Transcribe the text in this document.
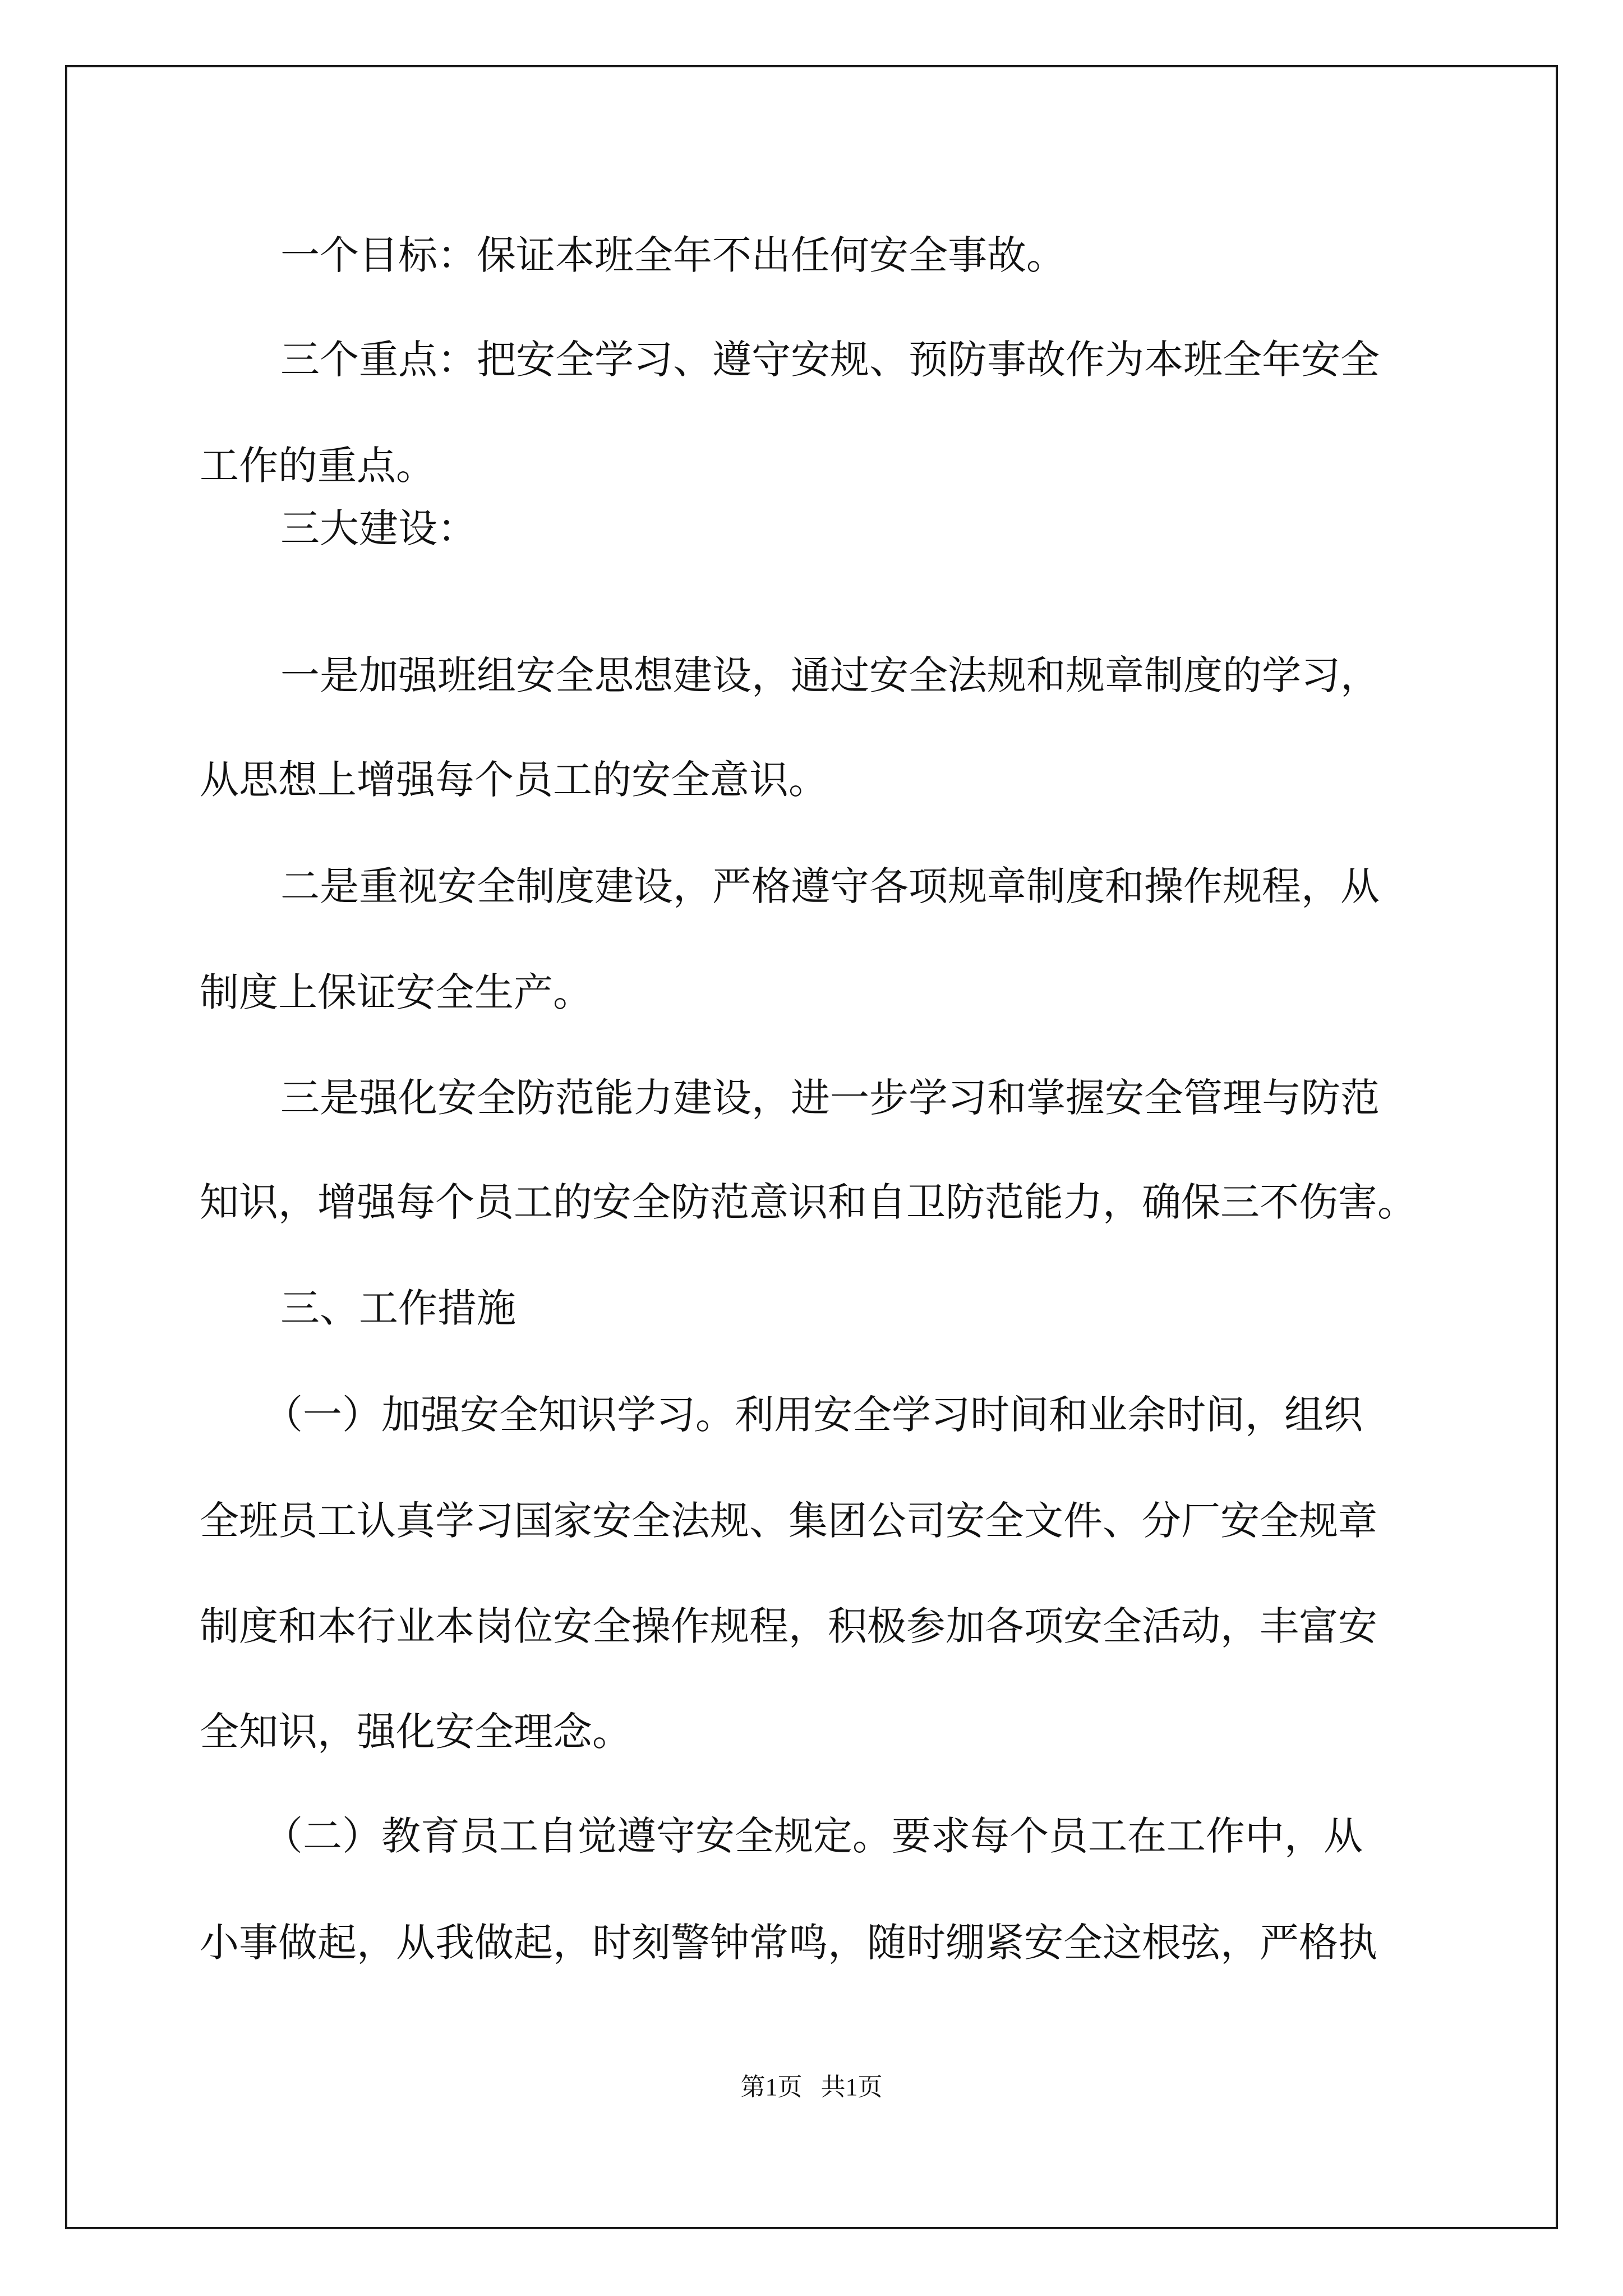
一个目标：保证本班全年不出任何安全事故。

三个重点：把安全学习、遵守安规、预防事故作为本班全年安全

工作的重点。

三大建设：

一是加强班组安全思想建设，通过安全法规和规章制度的学习，

从思想上增强每个员工的安全意识。

二是重视安全制度建设，严格遵守各项规章制度和操作规程，从

制度上保证安全生产。

三是强化安全防范能力建设，进一步学习和掌握安全管理与防范

知识，增强每个员工的安全防范意识和自卫防范能力，确保三不伤害。

三、工作措施

（一）加强安全知识学习。利用安全学习时间和业余时间，组织

全班员工认真学习国家安全法规、集团公司安全文件、分厂安全规章

制度和本行业本岗位安全操作规程，积极参加各项安全活动，丰富安

全知识，强化安全理念。

（二）教育员工自觉遵守安全规定。要求每个员工在工作中，从

小事做起，从我做起，时刻警钟常鸣，随时绷紧安全这根弦，严格执

第1页   共1页
